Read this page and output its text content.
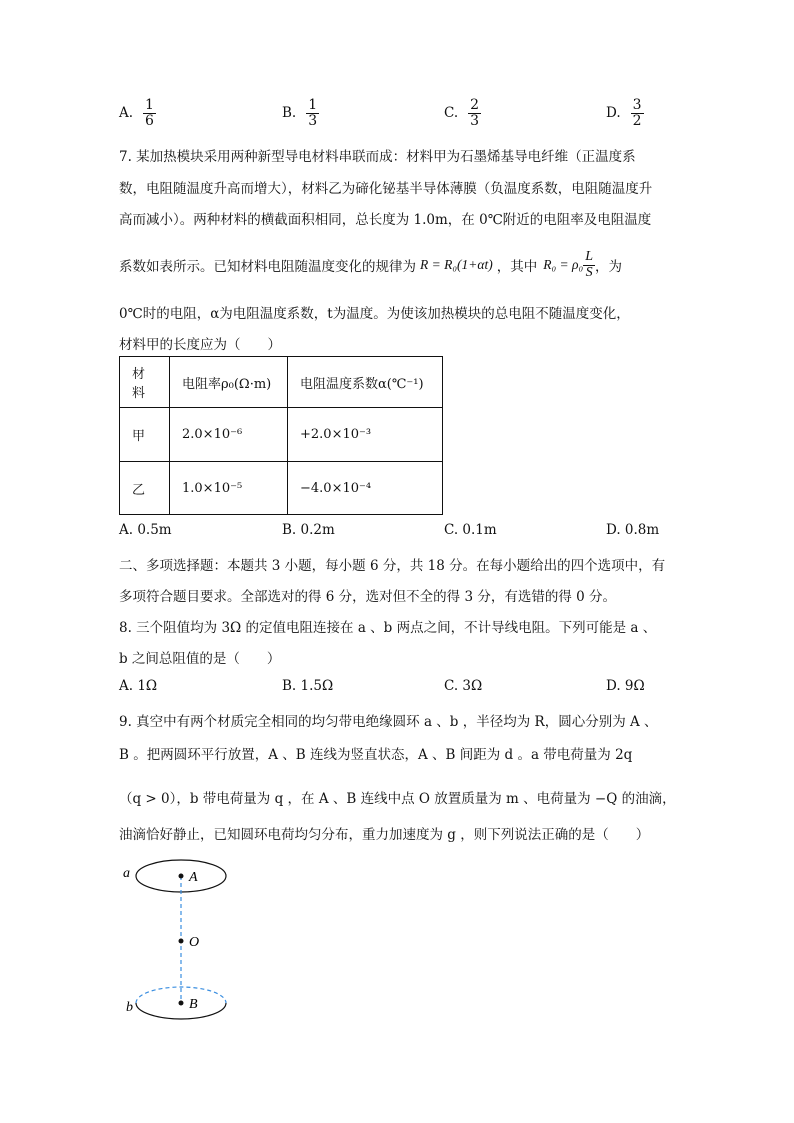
A. $\frac{1}{6}$	B. $\frac{1}{3}$	C. $\frac{2}{3}$	D. $\frac{3}{2}$
7. 某加热模块采用两种新型导电材料串联而成：材料甲为石墨烯基导电纤维（正温度系
数，电阻随温度升高而增大），材料乙为碲化铋基半导体薄膜（负温度系数，电阻随温度升
高而减小）。两种材料的横截面积相同，总长度为 1.0m，在 0℃附近的电阻率及电阻温度
系数如表所示。已知材料电阻随温度变化的规律为 R = R₀(1+αt) ，其中 $R_0 = \rho_0 \frac{L}{S}$ ，为
0℃时的电阻，α为电阻温度系数，t为温度。为使该加热模块的总电阻不随温度变化，
材料甲的长度应为（　　）
材料	电阻率ρ₀(Ω·m)	电阻温度系数α(℃⁻¹)
甲	2.0×10⁻⁶	+2.0×10⁻³
乙	1.0×10⁻⁵	−4.0×10⁻⁴
A. 0.5m	B. 0.2m	C. 0.1m	D. 0.8m
二、多项选择题：本题共 3 小题，每小题 6 分，共 18 分。在每小题给出的四个选项中，有
多项符合题目要求。全部选对的得 6 分，选对但不全的得 3 分，有选错的得 0 分。
8. 三个阻值均为 3Ω 的定值电阻连接在 a 、b 两点之间，不计导线电阻。下列可能是 a 、
b 之间总阻值的是（　　）
A. 1Ω	B. 1.5Ω	C. 3Ω	D. 9Ω
9. 真空中有两个材质完全相同的均匀带电绝缘圆环 a 、b ，半径均为 R，圆心分别为 A 、
B 。把两圆环平行放置，A 、B 连线为竖直状态，A 、B 间距为 d 。a 带电荷量为 2q
（q > 0），b 带电荷量为 q ，在 A 、B 连线中点 O 放置质量为 m 、电荷量为 −Q 的油滴，
油滴恰好静止，已知圆环电荷均匀分布，重力加速度为 g ，则下列说法正确的是（　　）
a	A
O
b	B
